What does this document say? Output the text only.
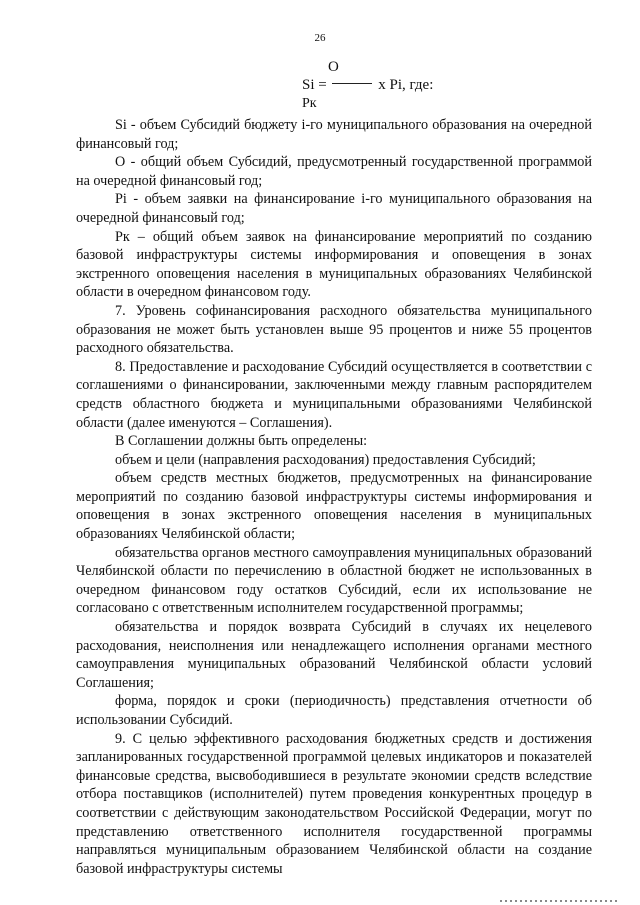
26
O
Si =	x Pi, где:
Pк

Si - объем Субсидий бюджету i-го муниципального образования на очередной финансовый год;

О - общий объем Субсидий, предусмотренный государственной программой на очередной финансовый год;

Pi - объем заявки на финансирование i-го муниципального образования на очередной финансовый год;

Pк – общий объем заявок на финансирование мероприятий по созданию базовой инфраструктуры системы информирования и оповещения в зонах экстренного оповещения населения в муниципальных образованиях Челябинской области в очередном финансовом году.

7. Уровень софинансирования расходного обязательства муниципального образования не может быть установлен выше 95 процентов и ниже 55 процентов расходного обязательства.

8. Предоставление и расходование Субсидий осуществляется в соответствии с соглашениями о финансировании, заключенными между главным распорядителем средств областного бюджета и муниципальными образованиями Челябинской области (далее именуются – Соглашения).

В Соглашении должны быть определены:

объем и цели (направления расходования) предоставления Субсидий;

объем средств местных бюджетов, предусмотренных на финансирование мероприятий по созданию базовой инфраструктуры системы информирования и оповещения в зонах экстренного оповещения населения в муниципальных образованиях Челябинской области;

обязательства органов местного самоуправления муниципальных образований Челябинской области по перечислению в областной бюджет не использованных в очередном финансовом году остатков Субсидий, если их использование не согласовано с ответственным исполнителем государственной программы;

обязательства и порядок возврата Субсидий в случаях их нецелевого расходования, неисполнения или ненадлежащего исполнения органами местного самоуправления муниципальных образований Челябинской области условий Соглашения;

форма, порядок и сроки (периодичность) представления отчетности об использовании Субсидий.

9. С целью эффективного расходования бюджетных средств и достижения запланированных государственной программой целевых индикаторов и показателей финансовые средства, высвободившиеся в результате экономии средств вследствие отбора поставщиков (исполнителей) путем проведения конкурентных процедур в соответствии с действующим законодательством Российской Федерации, могут по представлению ответственного исполнителя государственной программы направляться муниципальным образованием Челябинской области на создание базовой инфраструктуры системы
